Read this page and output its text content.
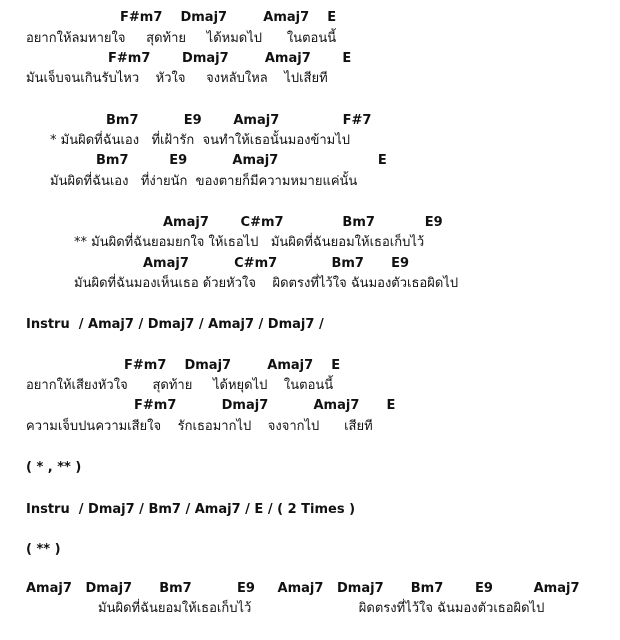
F#m7    Dmaj7        Amaj7    E
อยากให้ลมหายใจ     สุดท้าย     ได้หมดไป      ในตอนนี้
F#m7       Dmaj7        Amaj7       E
มันเจ็บจนเกินรับไหว    หัวใจ     จงหลับใหล    ไปเสียที
Bm7          E9       Amaj7              F#7
* มันผิดที่ฉันเอง   ที่เฝ้ารัก  จนทำให้เธอนั้นมองข้ามไป
Bm7         E9          Amaj7                      E
มันผิดที่ฉันเอง   ที่ง่ายนัก  ของตายก็มีความหมายแค่นั้น
Amaj7       C#m7             Bm7           E9
** มันผิดที่ฉันยอมยกใจ ให้เธอไป   มันผิดที่ฉันยอมให้เธอเก็บไว้
Amaj7          C#m7            Bm7      E9
มันผิดที่ฉันมองเห็นเธอ ด้วยหัวใจ    ผิดตรงที่ไว้ใจ ฉันมองตัวเธอผิดไป
Instru  / Amaj7 / Dmaj7 / Amaj7 / Dmaj7 /
F#m7    Dmaj7        Amaj7    E
อยากให้เสียงหัวใจ      สุดท้าย     ได้หยุดไป    ในตอนนี้
F#m7          Dmaj7          Amaj7      E
ความเจ็บปนความเสียใจ    รักเธอมากไป    จงจากไป      เสียที
( * , ** )
Instru  / Dmaj7 / Bm7 / Amaj7 / E / ( 2 Times )
( ** )
Amaj7   Dmaj7      Bm7          E9     Amaj7   Dmaj7      Bm7       E9         Amaj7
มันผิดที่ฉันยอมให้เธอเก็บไว้                          ผิดตรงที่ไว้ใจ ฉันมองตัวเธอผิดไป
